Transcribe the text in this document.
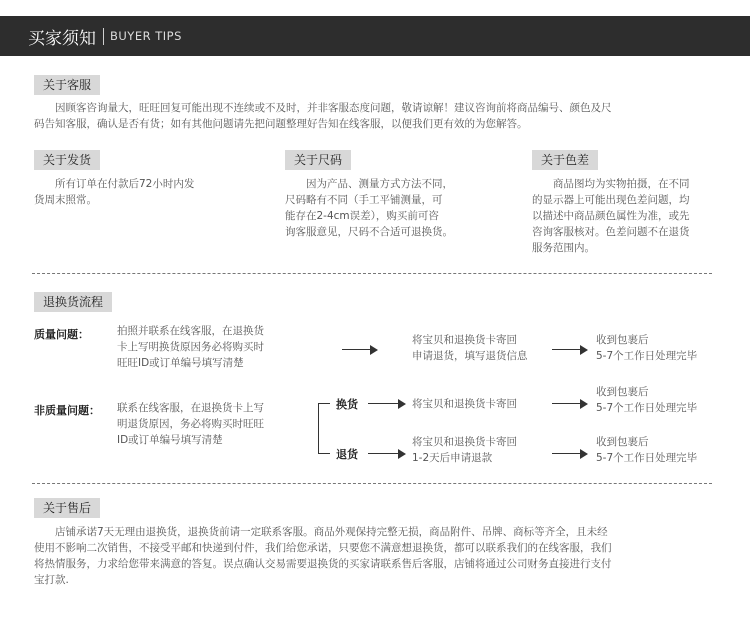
买家须知 BUYER TIPS
关于客服
　　因顾客咨询量大，旺旺回复可能出现不连续或不及时，并非客服态度问题，敬请谅解！建议咨询前将商品编号、颜色及尺
码告知客服，确认是否有货；如有其他问题请先把问题整理好告知在线客服，以便我们更有效的为您解答。
关于发货
　　所有订单在付款后72小时内发
货周末照常。
关于尺码
　　因为产品、测量方式方法不同，
尺码略有不同（手工平铺测量，可
能存在2-4cm误差），购买前可咨
询客服意见，尺码不合适可退换货。
关于色差
　　商品图均为实物拍摄，在不同
的显示器上可能出现色差问题，均
以描述中商品颜色属性为准，或先
咨询客服核对。色差问题不在退货
服务范围内。
退换货流程
质量问题：	拍照并联系在线客服，在退换货
卡上写明换货原因务必将购买时
旺旺ID或订单编号填写清楚
将宝贝和退换货卡寄回
申请退货，填写退货信息
收到包裹后
5-7个工作日处理完毕
非质量问题： 联系在线客服，在退换货卡上写
明退货原因，务必将购买时旺旺
ID或订单编号填写清楚
换货	将宝贝和退换货卡寄回
收到包裹后
5-7个工作日处理完毕
退货
将宝贝和退换货卡寄回
1-2天后申请退款
收到包裹后
5-7个工作日处理完毕
关于售后
　　店铺承诺7天无理由退换货，退换货前请一定联系客服。商品外观保持完整无损，商品附件、吊牌、商标等齐全，且未经
使用不影响二次销售，不接受平邮和快递到付件，我们给您承诺，只要您不满意想退换货，都可以联系我们的在线客服，我们
将热情服务，力求给您带来满意的答复。误点确认交易需要退换货的买家请联系售后客服，店铺将通过公司财务直接进行支付
宝打款.
